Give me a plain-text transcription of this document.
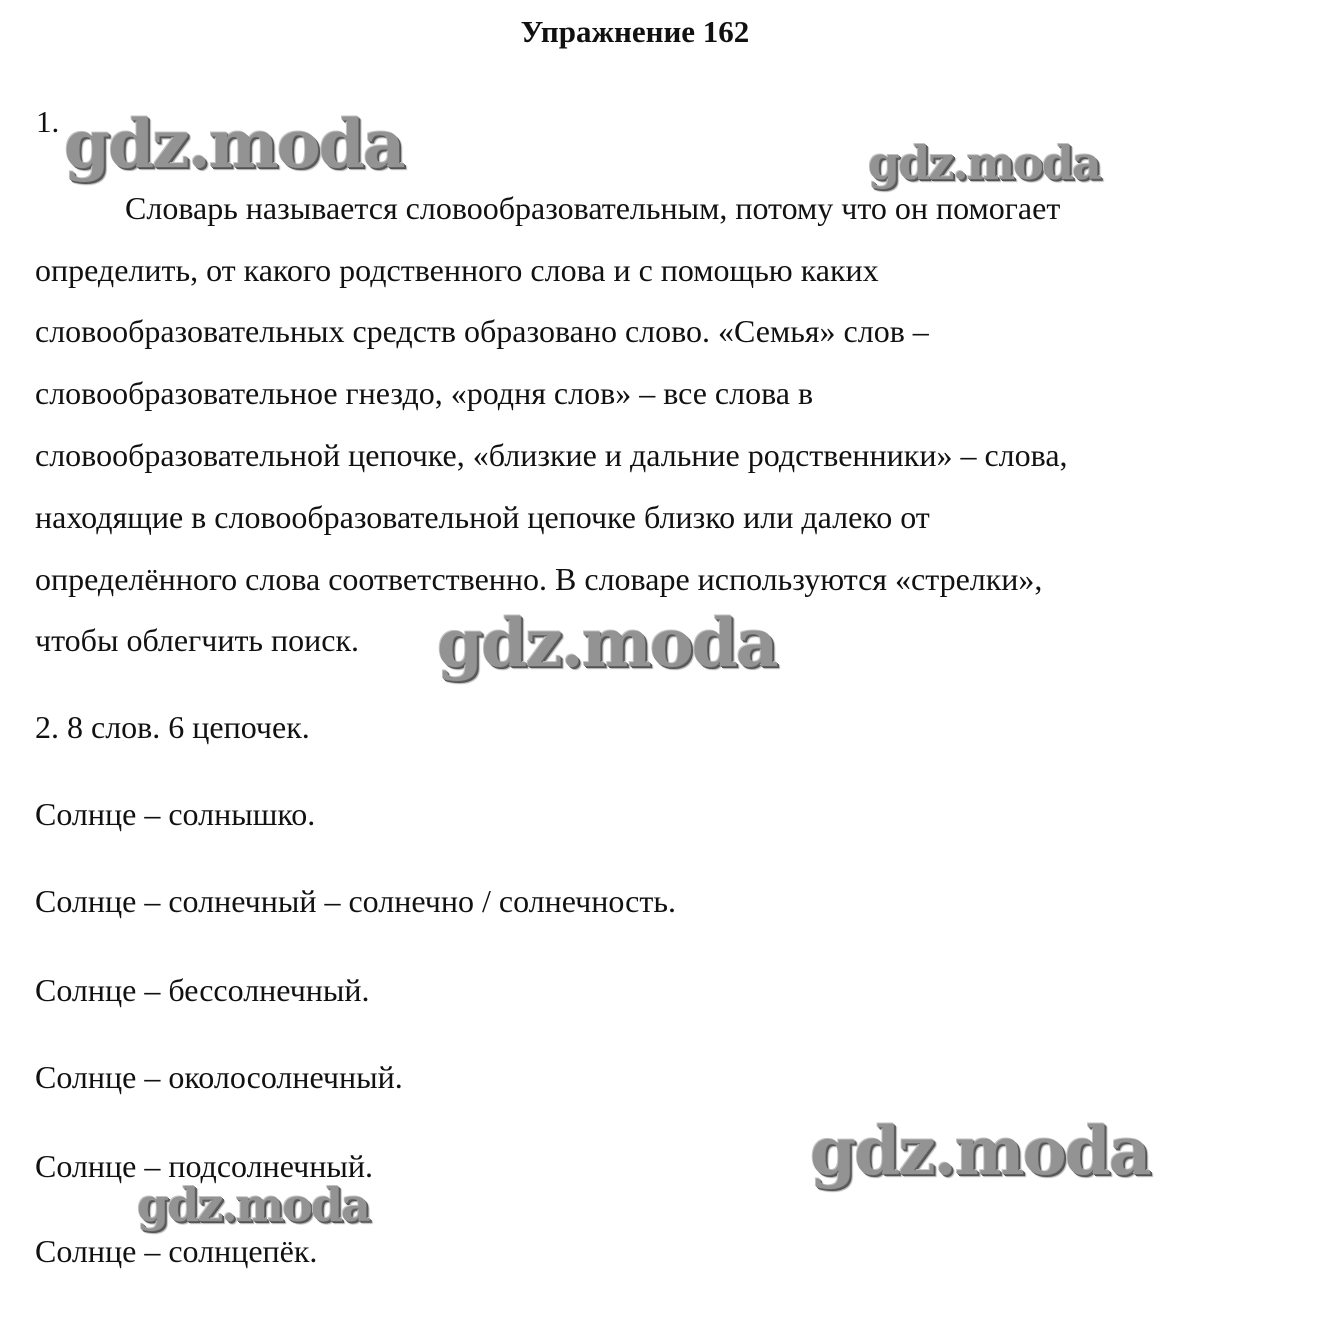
Упражнение 162
1.
Словарь называется словообразовательным, потому что он помогает
определить, от какого родственного слова и с помощью каких
словообразовательных средств образовано слово. «Семья» слов –
словообразовательное гнездо, «родня слов» – все слова в
словообразовательной цепочке, «близкие и дальние родственники» – слова,
находящие в словообразовательной цепочке близко или далеко от
определённого слова соответственно. В словаре используются «стрелки»,
чтобы облегчить поиск.
2. 8 слов. 6 цепочек.
Солнце – солнышко.
Солнце – солнечный – солнечно / солнечность.
Солнце – бессолнечный.
Солнце – околосолнечный.
Солнце – подсолнечный.
Солнце – солнцепёк.
gdz.moda	gdz.moda
gdz.moda
gdz.moda
gdz.moda
